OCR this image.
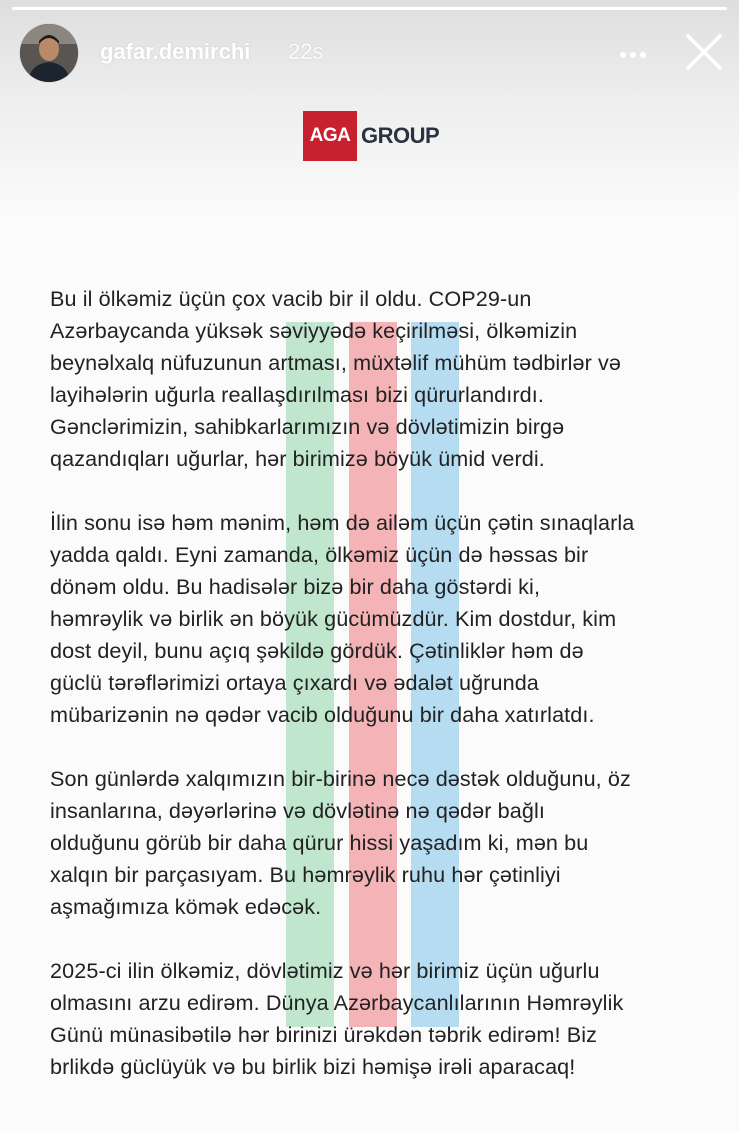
gafar.demirchi 22s
AGA GROUP

Bu il ölkəmiz üçün çox vacib bir il oldu. COP29-un
Azərbaycanda yüksək səviyyədə keçirilməsi, ölkəmizin
beynəlxalq nüfuzunun artması, müxtəlif mühüm tədbirlər və
layihələrin uğurla reallaşdırılması bizi qürurlandırdı.
Gənclərimizin, sahibkarlarımızın və dövlətimizin birgə
qazandıqları uğurlar, hər birimizə böyük ümid verdi.

İlin sonu isə həm mənim, həm də ailəm üçün çətin sınaqlarla
yadda qaldı. Eyni zamanda, ölkəmiz üçün də həssas bir
dönəm oldu. Bu hadisələr bizə bir daha göstərdi ki,
həmrəylik və birlik ən böyük gücümüzdür. Kim dostdur, kim
dost deyil, bunu açıq şəkildə gördük. Çətinliklər həm də
güclü tərəflərimizi ortaya çıxardı və ədalət uğrunda
mübarizənin nə qədər vacib olduğunu bir daha xatırlatdı.

Son günlərdə xalqımızın bir-birinə necə dəstək olduğunu, öz
insanlarına, dəyərlərinə və dövlətinə nə qədər bağlı
olduğunu görüb bir daha qürur hissi yaşadım ki, mən bu
xalqın bir parçasıyam. Bu həmrəylik ruhu hər çətinliyi
aşmağımıza kömək edəcək.

2025-ci ilin ölkəmiz, dövlətimiz və hər birimiz üçün uğurlu
olmasını arzu edirəm. Dünya Azərbaycanlılarının Həmrəylik
Günü münasibətilə hər birinizi ürəkdən təbrik edirəm! Biz
brlikdə güclüyük və bu birlik bizi həmişə irəli aparacaq!
